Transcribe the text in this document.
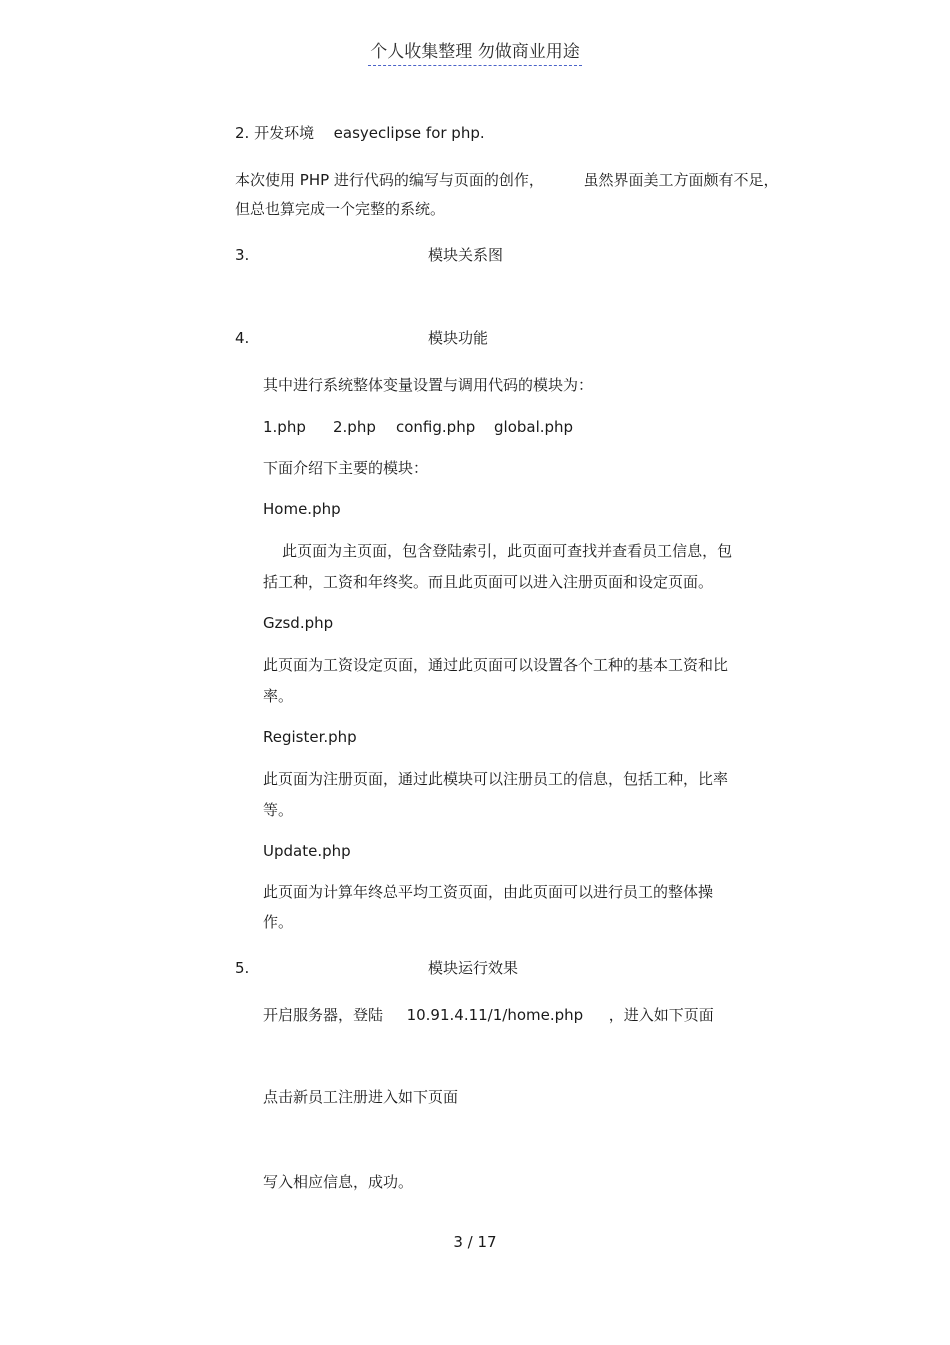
个人收集整理 勿做商业用途
2. 开发环境 easyeclipse for php.
本次使用 PHP 进行代码的编写与页面的创作，	虽然界面美工方面颇有不足，
但总也算完成一个完整的系统。
3.	模块关系图
4.	模块功能
其中进行系统整体变量设置与调用代码的模块为：
1.php 2.php config.php global.php
下面介绍下主要的模块：
Home.php
此页面为主页面，包含登陆索引，此页面可查找并查看员工信息，包
括工种，工资和年终奖。而且此页面可以进入注册页面和设定页面。
Gzsd.php
此页面为工资设定页面，通过此页面可以设置各个工种的基本工资和比
率。
Register.php
此页面为注册页面，通过此模块可以注册员工的信息，包括工种，比率
等。
Update.php
此页面为计算年终总平均工资页面，由此页面可以进行员工的整体操
作。
5.	模块运行效果
开启服务器，登陆 10.91.4.11/1/home.php ，进入如下页面
点击新员工注册进入如下页面
写入相应信息，成功。
3 / 17
